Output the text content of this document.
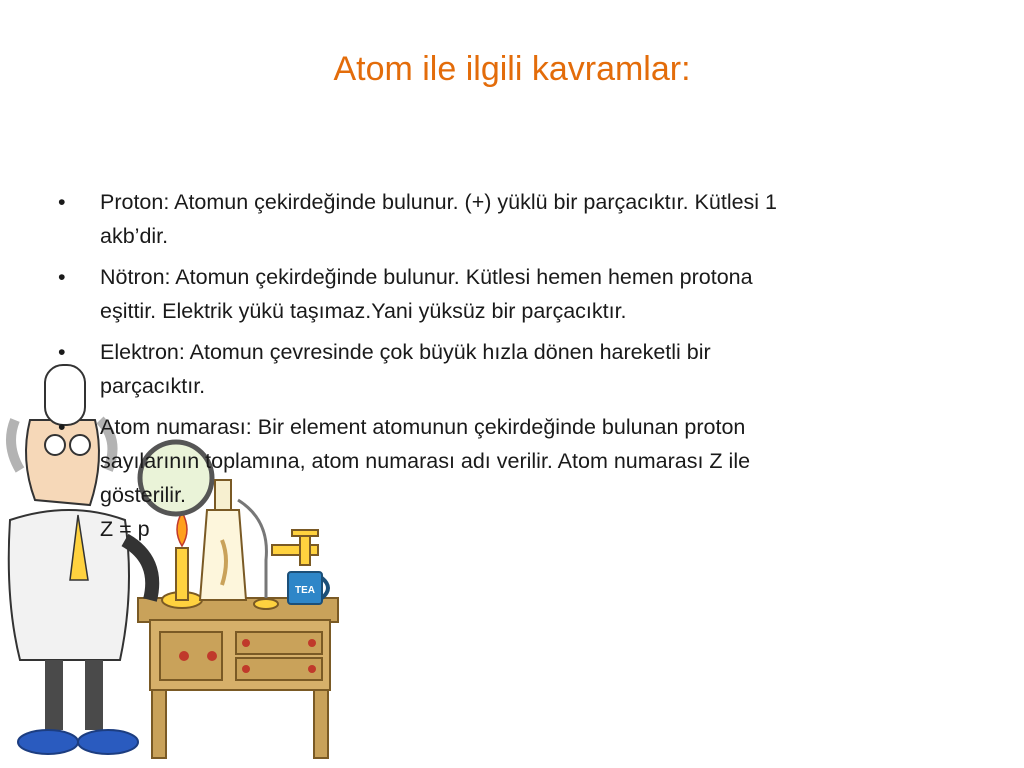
Atom ile ilgili kavramlar:
TEA
• Proton: Atomun çekirdeğinde bulunur. (+) yüklü bir parçacıktır. Kütlesi 1
akb’dir.
• Nötron: Atomun çekirdeğinde bulunur. Kütlesi hemen hemen protona
eşittir. Elektrik yükü taşımaz.Yani yüksüz bir parçacıktır.
• Elektron: Atomun çevresinde çok büyük hızla dönen hareketli bir
parçacıktır.
• Atom numarası: Bir element atomunun çekirdeğinde bulunan proton
sayılarının toplamına, atom numarası adı verilir. Atom numarası Z ile
gösterilir.
Z = p
